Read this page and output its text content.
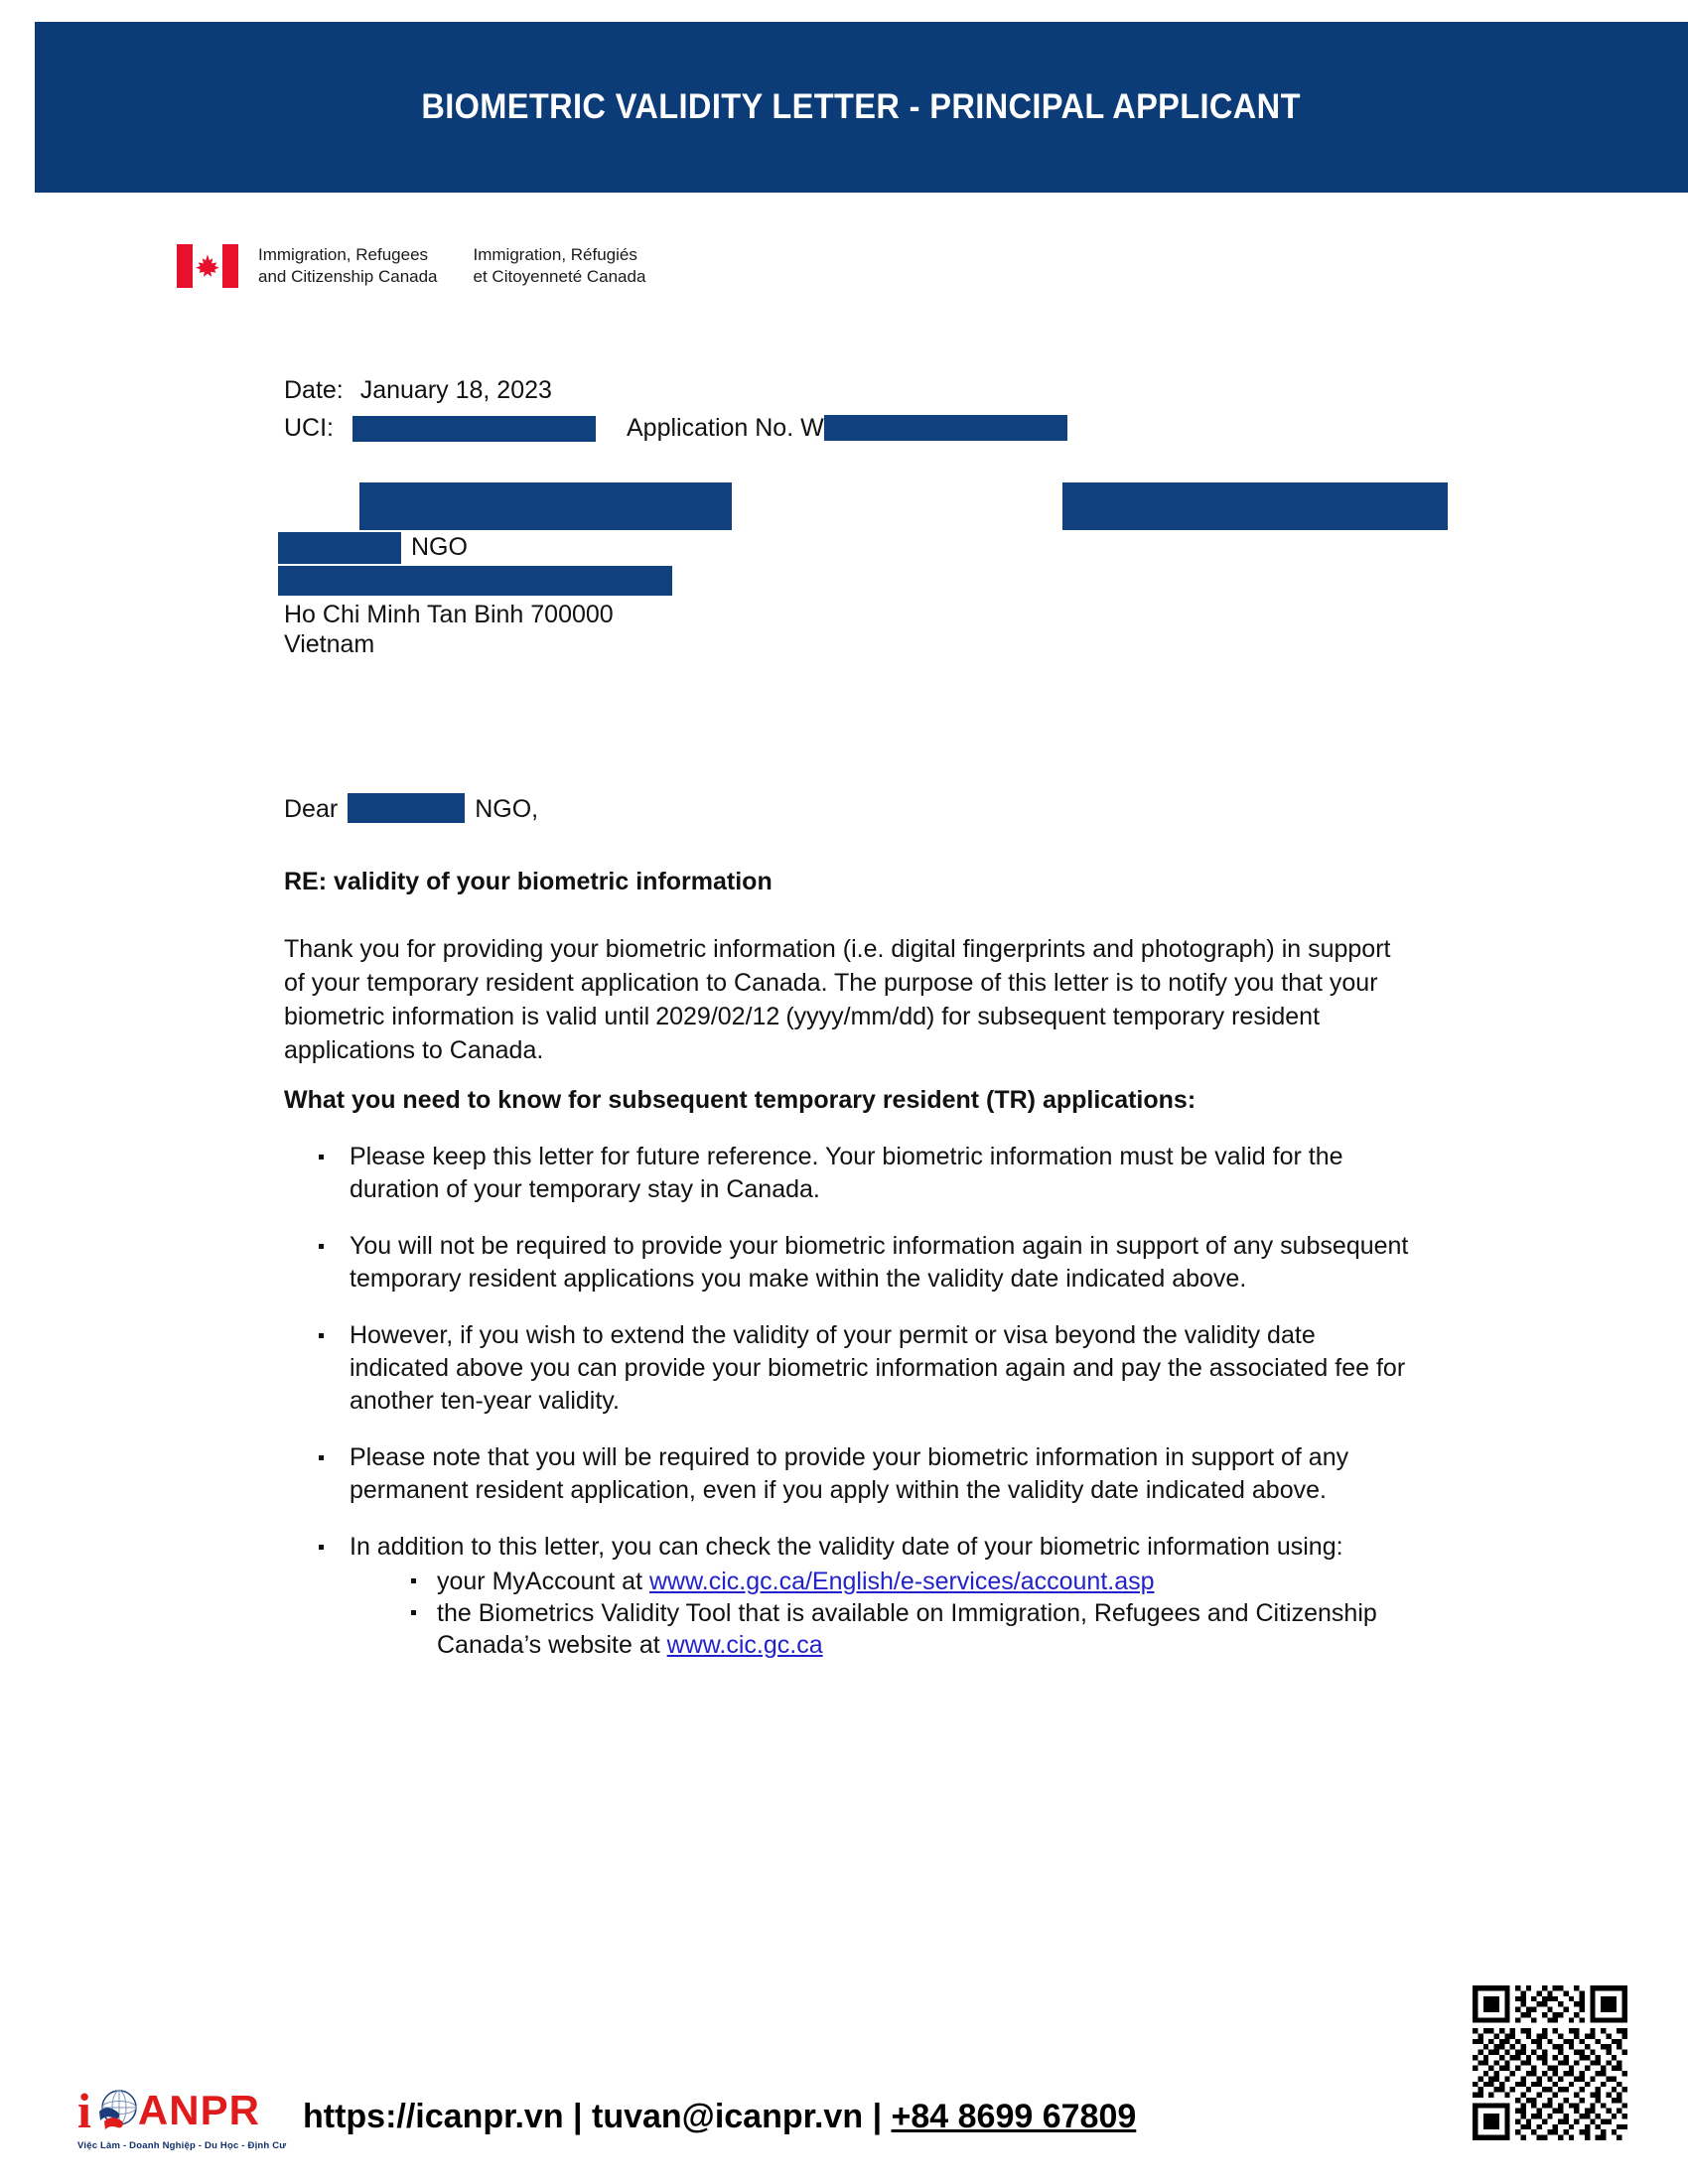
BIOMETRIC VALIDITY LETTER - PRINCIPAL APPLICANT
Immigration, Refugees
and Citizenship Canada
Immigration, Réfugiés
et Citoyenneté Canada
Date: January 18, 2023
UCI:	Application No. W
NGO
Ho Chi Minh Tan Binh 700000
Vietnam
Dear	NGO,
RE: validity of your biometric information
Thank you for providing your biometric information (i.e. digital fingerprints and photograph) in support of your temporary resident application to Canada. The purpose of this letter is to notify you that your biometric information is valid until 2029/02/12 (yyyy/mm/dd) for subsequent temporary resident applications to Canada.
What you need to know for subsequent temporary resident (TR) applications:
Please keep this letter for future reference. Your biometric information must be valid for the duration of your temporary stay in Canada.
You will not be required to provide your biometric information again in support of any subsequent temporary resident applications you make within the validity date indicated above.
However, if you wish to extend the validity of your permit or visa beyond the validity date indicated above you can provide your biometric information again and pay the associated fee for another ten-year validity.
Please note that you will be required to provide your biometric information in support of any permanent resident application, even if you apply within the validity date indicated above.
In addition to this letter, you can check the validity date of your biometric information using:
your MyAccount at www.cic.gc.ca/English/e-services/account.asp
the Biometrics Validity Tool that is available on Immigration, Refugees and Citizenship Canada’s website at www.cic.gc.ca
i ANPR
Việc Làm - Doanh Nghiệp - Du Học - Định Cư
https://icanpr.vn | tuvan@icanpr.vn | +84 8699 67809
